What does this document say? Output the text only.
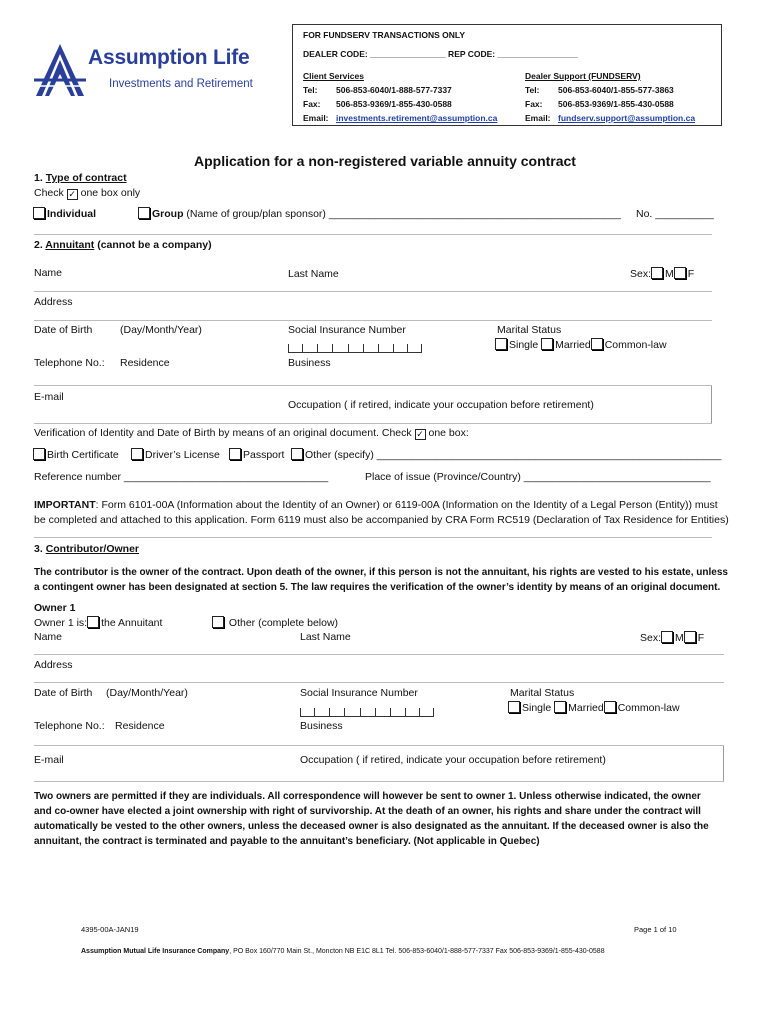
Assumption Life
Investments and Retirement
FOR FUNDSERV TRANSACTIONS ONLY
DEALER CODE: ________________ REP CODE: _________________
Client Services
Tel: 506-853-6040/1-888-577-7337
Fax: 506-853-9369/1-855-430-0588
Email: investments.retirement@assumption.ca
Dealer Support (FUNDSERV)
Tel: 506-853-6040/1-855-577-3863
Fax: 506-853-9369/1-855-430-0588
Email: fundserv.support@assumption.ca
Application for a non-registered variable annuity contract
1. Type of contract
Check ✓ one box only
Individual	Group (Name of group/plan sponsor) __________________________________________________ No. __________
2. Annuitant (cannot be a company)
Name	Last Name	Sex: M F
Address
Date of Birth	(Day/Month/Year)	Social Insurance Number	Marital Status
Single Married Common-law
Telephone No.: Residence	Business
E-mail
Occupation ( if retired, indicate your occupation before retirement)
Verification of Identity and Date of Birth by means of an original document. Check ✓ one box:
Birth Certificate	Driver’s License	Passport	Other (specify) ___________________________________________________________
Reference number ___________________________________	Place of issue (Province/Country) ________________________________
IMPORTANT: Form 6101-00A (Information about the Identity of an Owner) or 6119-00A (Information on the Identity of a Legal Person (Entity)) must
be completed and attached to this application. Form 6119 must also be accompanied by CRA Form RC519 (Declaration of Tax Residence for Entities)
3. Contributor/Owner
The contributor is the owner of the contract. Upon death of the owner, if this person is not the annuitant, his rights are vested to his estate, unless
a contingent owner has been designated at section 5. The law requires the verification of the owner’s identity by means of an original document.
Owner 1
Owner 1 is: the Annuitant	Other (complete below)
Name	Last Name	Sex: M F
Address
Date of Birth (Day/Month/Year)	Social Insurance Number	Marital Status
Single Married Common-law
Telephone No.: Residence	Business
E-mail	Occupation ( if retired, indicate your occupation before retirement)
Two owners are permitted if they are individuals. All correspondence will however be sent to owner 1. Unless otherwise indicated, the owner
and co-owner have elected a joint ownership with right of survivorship. At the death of an owner, his rights and share under the contract will
automatically be vested to the other owners, unless the deceased owner is also designated as the annuitant. If the deceased owner is also the
annuitant, the contract is terminated and payable to the annuitant’s beneficiary. (Not applicable in Quebec)
4395-00A-JAN19	Page 1 of 10
Assumption Mutual Life Insurance Company, PO Box 160/770 Main St., Moncton NB E1C 8L1 Tel. 506-853-6040/1-888-577-7337 Fax 506-853-9369/1-855-430-0588
